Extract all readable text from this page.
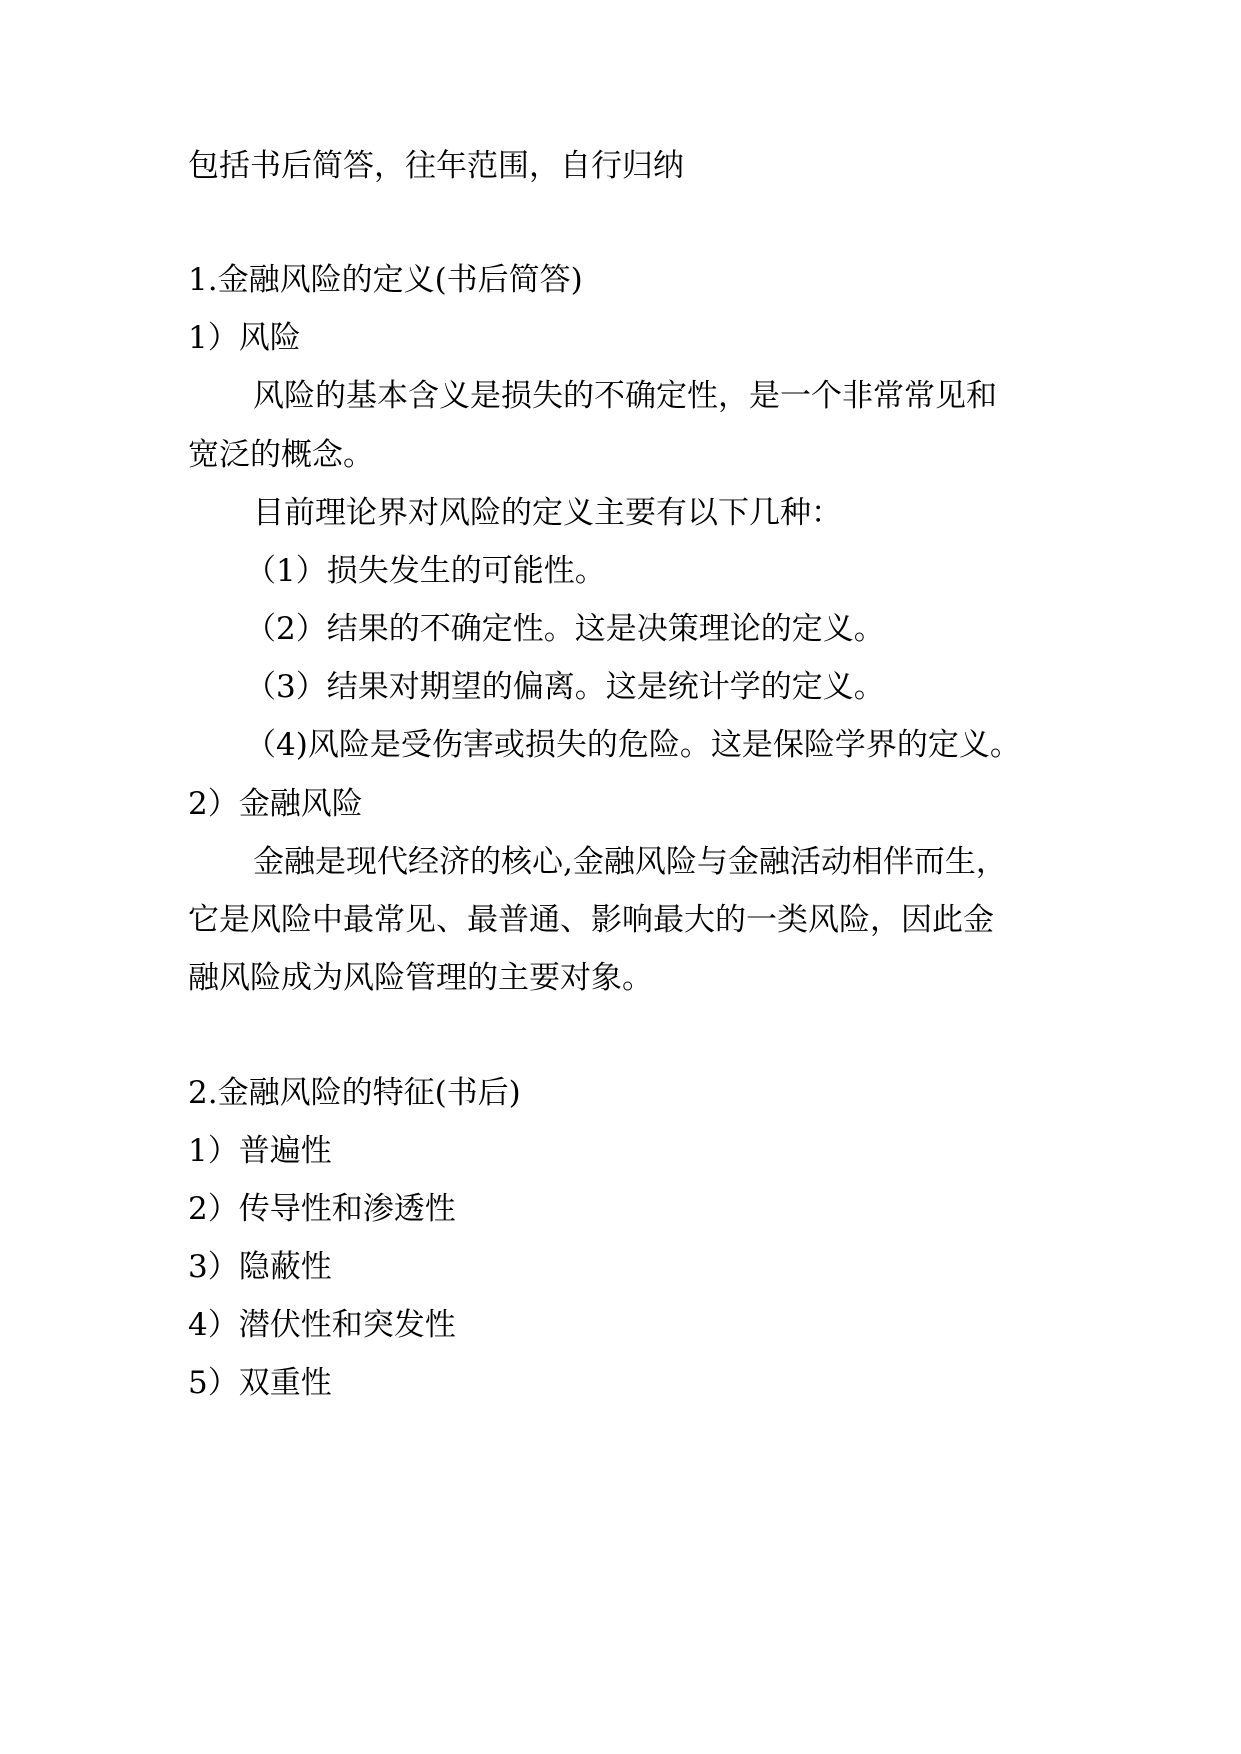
包括书后简答，往年范围，自行归纳
1.金融风险的定义(书后简答)
1）风险
风险的基本含义是损失的不确定性，是一个非常常见和
宽泛的概念。
目前理论界对风险的定义主要有以下几种：
（1）损失发生的可能性。
（2）结果的不确定性。这是决策理论的定义。
（3）结果对期望的偏离。这是统计学的定义。
（4)风险是受伤害或损失的危险。这是保险学界的定义。
2）金融风险
金融是现代经济的核心,金融风险与金融活动相伴而生，
它是风险中最常见、最普通、影响最大的一类风险，因此金
融风险成为风险管理的主要对象。
2.金融风险的特征(书后)
1）普遍性
2）传导性和渗透性
3）隐蔽性
4）潜伏性和突发性
5）双重性
